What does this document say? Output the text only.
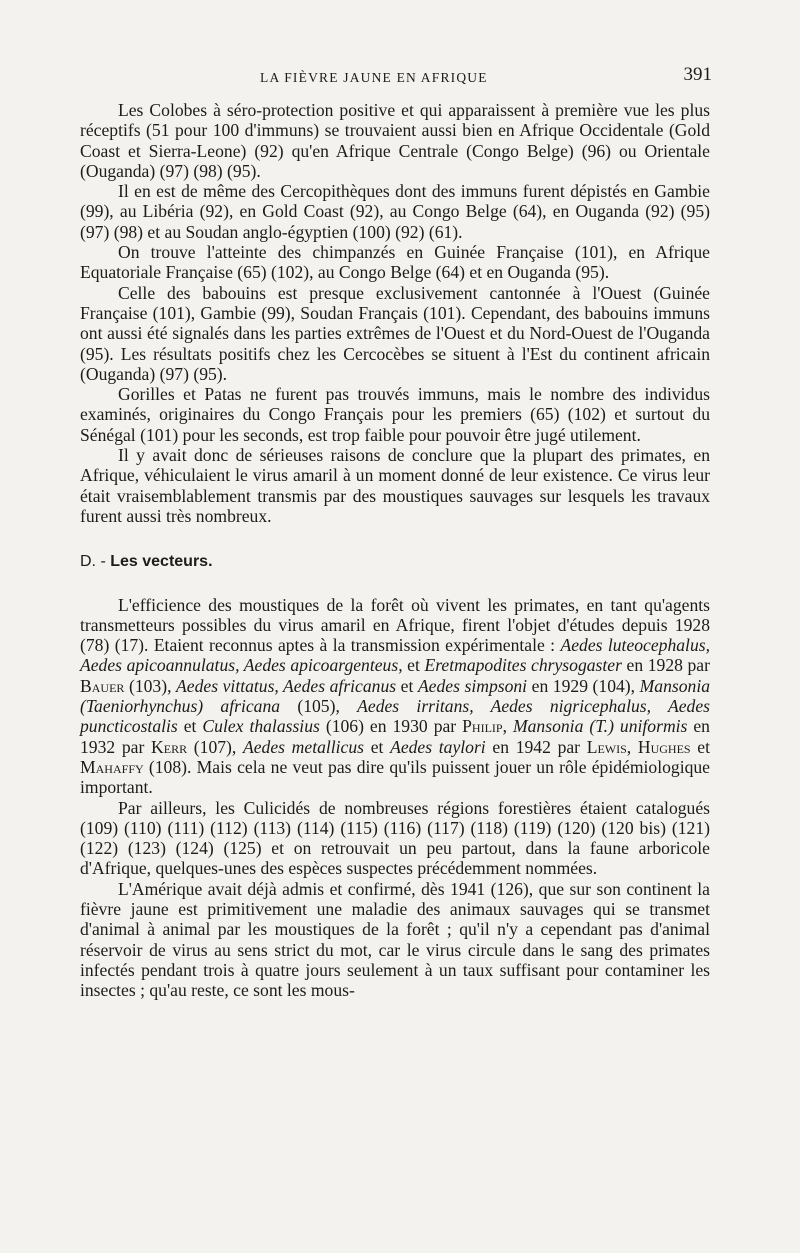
LA FIÈVRE JAUNE EN AFRIQUE	391

Les Colobes à séro-protection positive et qui apparaissent à première vue les plus réceptifs (51 pour 100 d'immuns) se trouvaient aussi bien en Afrique Occidentale (Gold Coast et Sierra-Leone) (92) qu'en Afrique Centrale (Congo Belge) (96) ou Orientale (Ouganda) (97) (98) (95).

Il en est de même des Cercopithèques dont des immuns furent dépistés en Gambie (99), au Libéria (92), en Gold Coast (92), au Congo Belge (64), en Ouganda (92) (95) (97) (98) et au Soudan anglo-égyptien (100) (92) (61).

On trouve l'atteinte des chimpanzés en Guinée Française (101), en Afrique Equatoriale Française (65) (102), au Congo Belge (64) et en Ouganda (95).

Celle des babouins est presque exclusivement cantonnée à l'Ouest (Guinée Française (101), Gambie (99), Soudan Français (101). Cependant, des babouins immuns ont aussi été signalés dans les parties extrêmes de l'Ouest et du Nord-Ouest de l'Ouganda (95). Les résultats positifs chez les Cercocèbes se situent à l'Est du continent africain (Ouganda) (97) (95).

Gorilles et Patas ne furent pas trouvés immuns, mais le nombre des individus examinés, originaires du Congo Français pour les premiers (65) (102) et surtout du Sénégal (101) pour les seconds, est trop faible pour pouvoir être jugé utilement.

Il y avait donc de sérieuses raisons de conclure que la plupart des primates, en Afrique, véhiculaient le virus amaril à un moment donné de leur existence. Ce virus leur était vraisemblablement transmis par des moustiques sauvages sur lesquels les travaux furent aussi très nombreux.

D. - Les vecteurs.

L'efficience des moustiques de la forêt où vivent les primates, en tant qu'agents transmetteurs possibles du virus amaril en Afrique, firent l'objet d'études depuis 1928 (78) (17). Etaient reconnus aptes à la transmission expérimentale : Aedes luteocephalus, Aedes apicoannulatus, Aedes apicoargenteus, et Eretmapodites chrysogaster en 1928 par Bauer (103), Aedes vittatus, Aedes africanus et Aedes simpsoni en 1929 (104), Mansonia (Taeniorhynchus) africana (105), Aedes irritans, Aedes nigricephalus, Aedes puncticostalis et Culex thalassius (106) en 1930 par Philip, Mansonia (T.) uniformis en 1932 par Kerr (107), Aedes metallicus et Aedes taylori en 1942 par Lewis, Hughes et Mahaffy (108). Mais cela ne veut pas dire qu'ils puissent jouer un rôle épidémiologique important.

Par ailleurs, les Culicidés de nombreuses régions forestières étaient catalogués (109) (110) (111) (112) (113) (114) (115) (116) (117) (118) (119) (120) (120 bis) (121) (122) (123) (124) (125) et on retrouvait un peu partout, dans la faune arboricole d'Afrique, quelques-unes des espèces suspectes précédemment nommées.

L'Amérique avait déjà admis et confirmé, dès 1941 (126), que sur son continent la fièvre jaune est primitivement une maladie des animaux sauvages qui se transmet d'animal à animal par les moustiques de la forêt ; qu'il n'y a cependant pas d'animal réservoir de virus au sens strict du mot, car le virus circule dans le sang des primates infectés pendant trois à quatre jours seulement à un taux suffisant pour contaminer les insectes ; qu'au reste, ce sont les mous-
